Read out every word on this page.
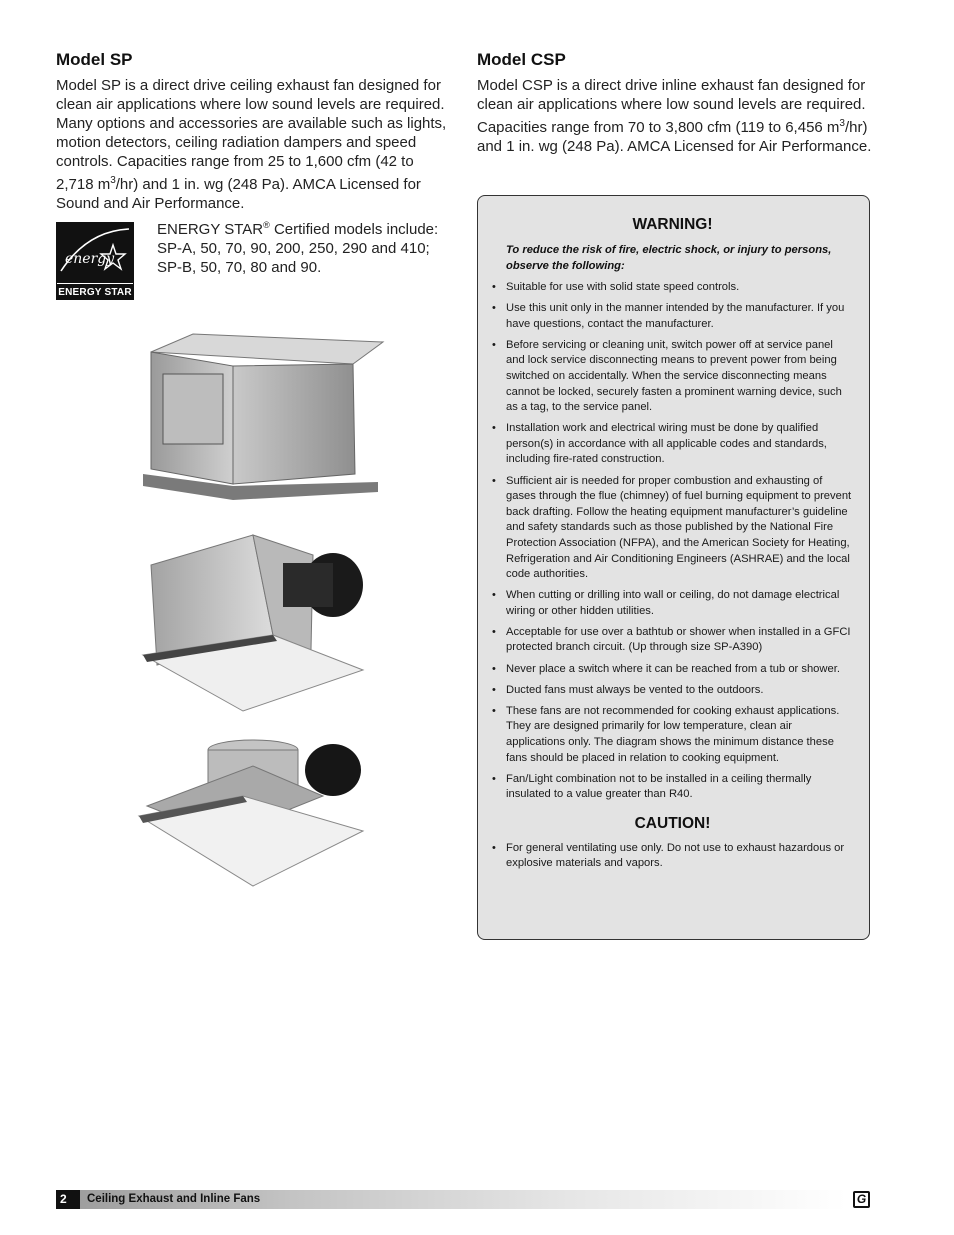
Model SP

Model SP is a direct drive ceiling exhaust fan designed for clean air applications where low sound levels are required. Many options and accessories are available such as lights, motion detectors, ceiling radiation dampers and speed controls. Capacities range from 25 to 1,600 cfm (42 to 2,718 $m^3/hr$) and 1 in. wg (248 Pa). AMCA Licensed for Sound and Air Performance.

energy
ENERGY STAR
ENERGY STAR® Certified models include: SP-A, 50, 70, 90, 200, 250, 290 and 410; SP-B, 50, 70, 80 and 90.
Model CSP

Model CSP is a direct drive inline exhaust fan designed for clean air applications where low sound levels are required. Capacities range from 70 to 3,800 cfm (119 to 6,456 $m^3/hr$) and 1 in. wg (248 Pa). AMCA Licensed for Air Performance.

WARNING!
To reduce the risk of fire, electric shock, or injury to persons, observe the following:
• Suitable for use with solid state speed controls.
• Use this unit only in the manner intended by the manufacturer. If you have questions, contact the manufacturer.
• Before servicing or cleaning unit, switch power off at service panel and lock service disconnecting means to prevent power from being switched on accidentally. When the service disconnecting means cannot be locked, securely fasten a prominent warning device, such as a tag, to the service panel.
• Installation work and electrical wiring must be done by qualified person(s) in accordance with all applicable codes and standards, including fire-rated construction.
• Sufficient air is needed for proper combustion and exhausting of gases through the flue (chimney) of fuel burning equipment to prevent back drafting. Follow the heating equipment manufacturer’s guideline and safety standards such as those published by the National Fire Protection Association (NFPA), and the American Society for Heating, Refrigeration and Air Conditioning Engineers (ASHRAE) and the local code authorities.
• When cutting or drilling into wall or ceiling, do not damage electrical wiring or other hidden utilities.
• Acceptable for use over a bathtub or shower when installed in a GFCI protected branch circuit. (Up through size SP-A390)
• Never place a switch where it can be reached from a tub or shower.
• Ducted fans must always be vented to the outdoors.
• These fans are not recommended for cooking exhaust applications. They are designed primarily for low temperature, clean air applications only. The diagram shows the minimum distance these fans should be placed in relation to cooking equipment.
• Fan/Light combination not to be installed in a ceiling thermally insulated to a value greater than R40.
CAUTION!
• For general ventilating use only. Do not use to exhaust hazardous or explosive materials and vapors.
2	Ceiling Exhaust and Inline Fans	G
